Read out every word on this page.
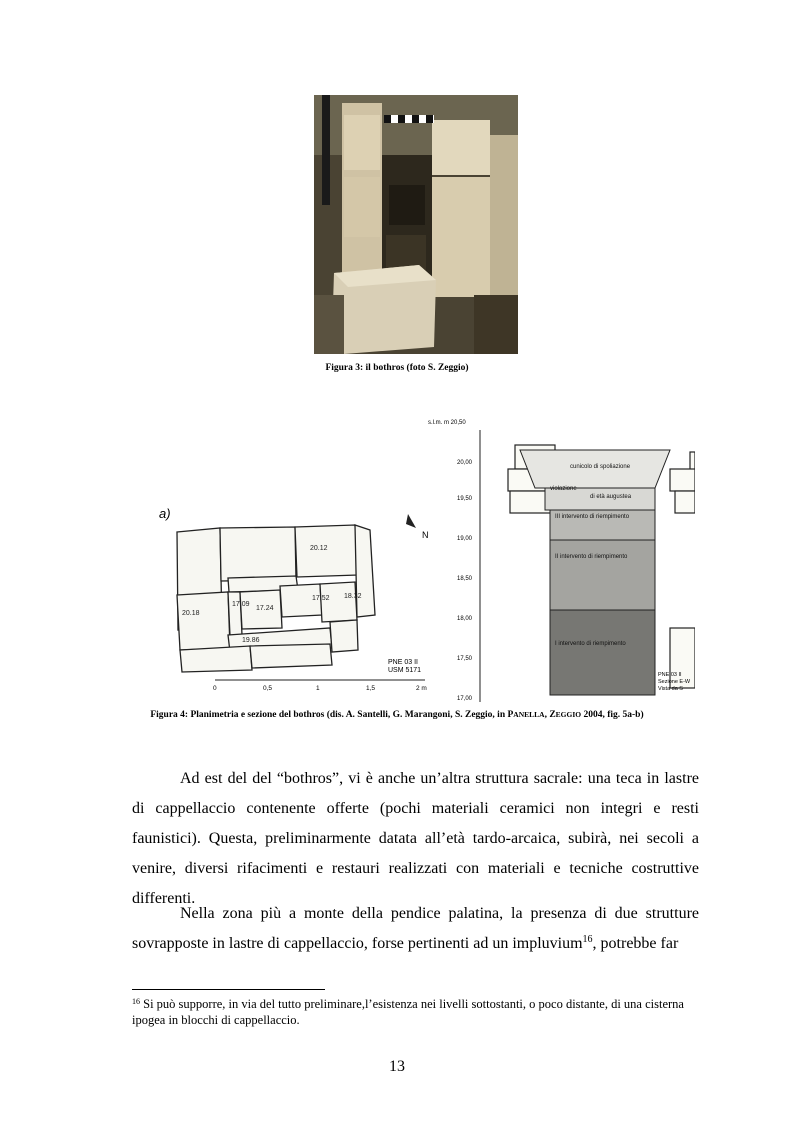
Figura 3: il bothros (foto S. Zeggio)
a)
20.12
17.09
17.24
17.52 18.32
20.18
19.86
N
PNE 03 II
USM 5171
0	0,5	1	1,5	2 m
s.l.m. m 20,50
20,00
19,50
19,00
18,50
18,00
17,50
17,00
cunicolo di spoliazione
violazione
di età augustea
III intervento di riempimento
II intervento di riempimento
I intervento di riempimento
PNE 03 II
Sezione E-W
Vista da S
Figura 4: Planimetria e sezione del bothros (dis. A. Santelli, G. Marangoni, S. Zeggio, in PANELLA, ZEGGIO 2004, fig. 5a-b)
Ad est del del “bothros”, vi è anche un’altra struttura sacrale: una teca in lastre di cappellaccio contenente offerte (pochi materiali ceramici non integri e resti faunistici). Questa, preliminarmente datata all’età tardo-arcaica, subirà, nei secoli a venire, diversi rifacimenti e restauri realizzati con materiali e tecniche costruttive differenti.
Nella zona più a monte della pendice palatina, la presenza di due strutture sovrapposte in lastre di cappellaccio, forse pertinenti ad un impluvium$^{16}$, potrebbe far
$^{16}$ Si può supporre, in via del tutto preliminare,l’esistenza nei livelli sottostanti, o poco distante, di una cisterna ipogea in blocchi di cappellaccio.
13
